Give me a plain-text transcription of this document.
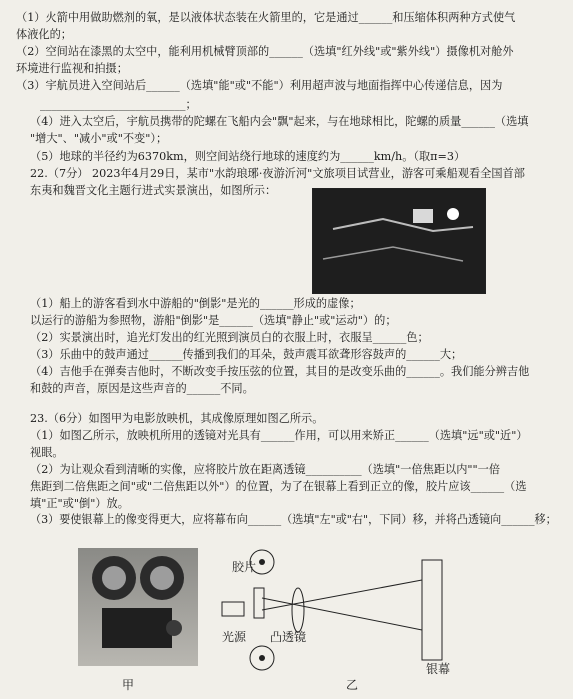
（1）火箭中用做助燃剂的氧，是以液体状态装在火箭里的，它是通过______和压缩体积两种方式使气
体液化的；
（2）空间站在漆黑的太空中，能利用机械臂顶部的______（选填"红外线"或"紫外线"）摄像机对舱外
环境进行监视和拍摄；
（3）宇航员进入空间站后______（选填"能"或"不能"）利用超声波与地面指挥中心传递信息，因为
__________________________；
（4）进入太空后，宇航员携带的陀螺在飞船内会"飘"起来，与在地球相比，陀螺的质量______（选填
"增大"、"减小"或"不变"）；
（5）地球的半径约为6370km，则空间站绕行地球的速度约为______km/h。（取π=3）
22.（7分） 2023年4月29日，某市"水韵琅琊·夜游沂河"文旅项目试营业，游客可乘船观看全国首部
东夷和魏晋文化主题行进式实景演出，如图所示：
（1）船上的游客看到水中游船的"倒影"是光的______形成的虚像；
以运行的游船为参照物，游船"倒影"是______（选填"静止"或"运动"）的；
（2）实景演出时，追光灯发出的红光照到演员白的衣服上时，衣服呈______色；
（3）乐曲中的鼓声通过______传播到我们的耳朵，鼓声震耳欲聋形容鼓声的______大；
（4）吉他手在弹奏吉他时，不断改变手按压弦的位置，其目的是改变乐曲的______。我们能分辨吉他
和鼓的声音，原因是这些声音的______不同。
23.（6分）如图甲为电影放映机，其成像原理如图乙所示。
（1）如图乙所示，放映机所用的透镜对光具有______作用，可以用来矫正______（选填"远"或"近"）
视眼。
（2）为让观众看到清晰的实像，应将胶片放在距离透镜__________（选填"一倍焦距以内""一倍
焦距到二倍焦距之间"或"二倍焦距以外"）的位置，为了在银幕上看到正立的像，胶片应该______（选
填"正"或"倒"）放。
（3）要使银幕上的像变得更大，应将幕布向______（选填"左"或"右"，下同）移，并将凸透镜向______移；
胶片
光源 凸透镜
银幕
甲	乙
